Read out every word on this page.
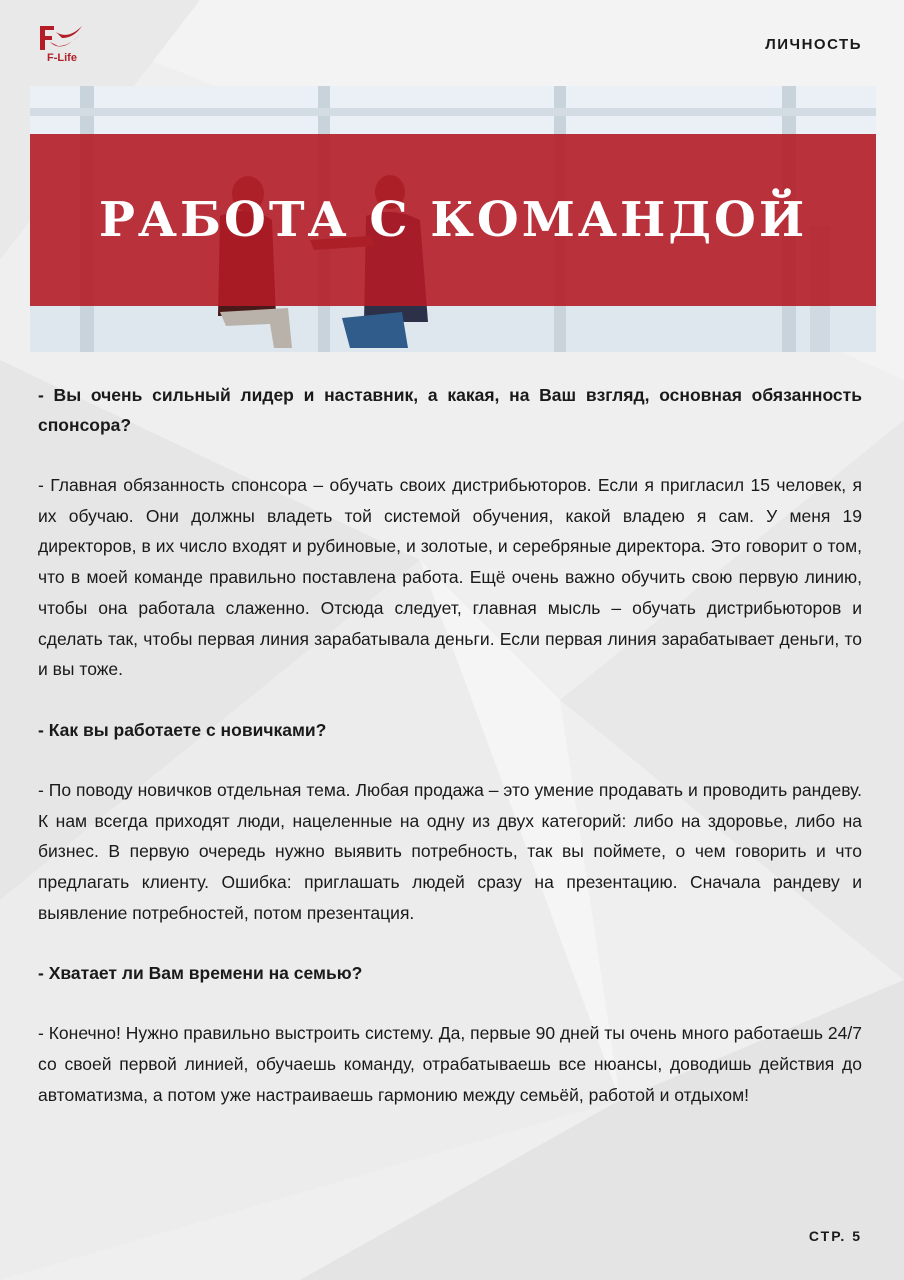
F-Life
ЛИЧНОСТЬ
РАБОТА С КОМАНДОЙ

- Вы очень сильный лидер и наставник, а какая, на Ваш взгляд, основная обязанность спонсора?

- Главная обязанность спонсора – обучать своих дистрибьюторов. Если я пригласил 15 человек, я их обучаю. Они должны владеть той системой обучения, какой владею я сам. У меня 19 директоров, в их число входят и рубиновые, и золотые, и серебряные директора. Это говорит о том, что в моей команде правильно поставлена работа. Ещё очень важно обучить свою первую линию, чтобы она работала слаженно. Отсюда следует, главная мысль – обучать дистрибьюторов и сделать так, чтобы первая линия зарабатывала деньги. Если первая линия зарабатывает деньги, то и вы тоже.

- Как вы работаете с новичками?

- По поводу новичков отдельная тема. Любая продажа – это умение продавать и проводить рандеву. К нам всегда приходят люди, нацеленные на одну из двух категорий: либо на здоровье, либо на бизнес. В первую очередь нужно выявить потребность, так вы поймете, о чем говорить и что предлагать клиенту. Ошибка: приглашать людей сразу на презентацию. Сначала рандеву и выявление потребностей, потом презентация.

- Хватает ли Вам времени на семью?

- Конечно! Нужно правильно выстроить систему. Да, первые 90 дней ты очень много работаешь 24/7 со своей первой линией, обучаешь команду, отрабатываешь все нюансы, доводишь действия до автоматизма, а потом уже настраиваешь гармонию между семьёй, работой и отдыхом!

СТР. 5
